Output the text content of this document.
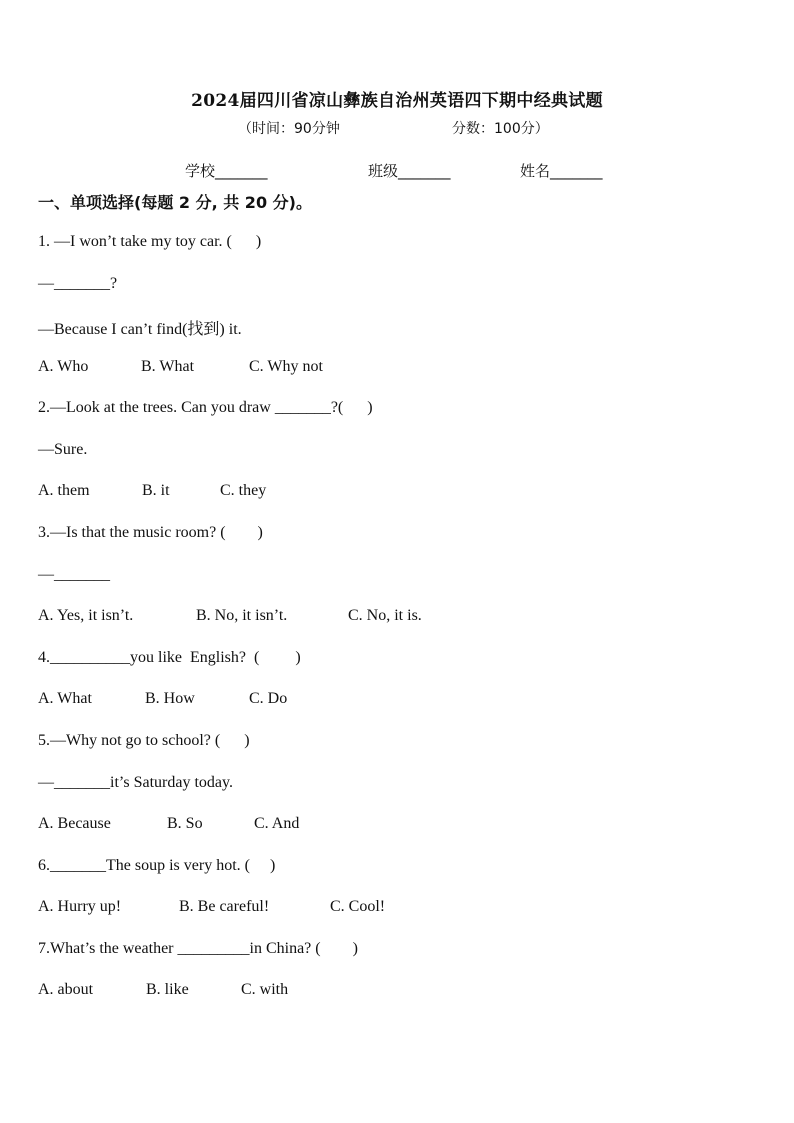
2024届四川省凉山彝族自治州英语四下期中经典试题
（时间：90分钟	分数：100分）
学校_______	班级_______	姓名_______
一、单项选择(每题 2 分, 共 20 分)。
1. —I won’t take my toy car. (      )
—_______?
—Because I can’t find(找到) it.
A. Who	B. What	C. Why not
2.—Look at the trees. Can you draw _______?(      )
—Sure.
A. them	B. it	C. they
3.—Is that the music room? (        )
—_______
A. Yes, it isn’t.	B. No, it isn’t.	C. No, it is.
4.__________you like  English?  (         )
A. What	B. How	C. Do
5.—Why not go to school? (      )
—_______it’s Saturday today.
A. Because	B. So	C. And
6._______The soup is very hot. (     )
A. Hurry up!	B. Be careful!	C. Cool!
7.What’s the weather _________in China? (        )
A. about	B. like	C. with
